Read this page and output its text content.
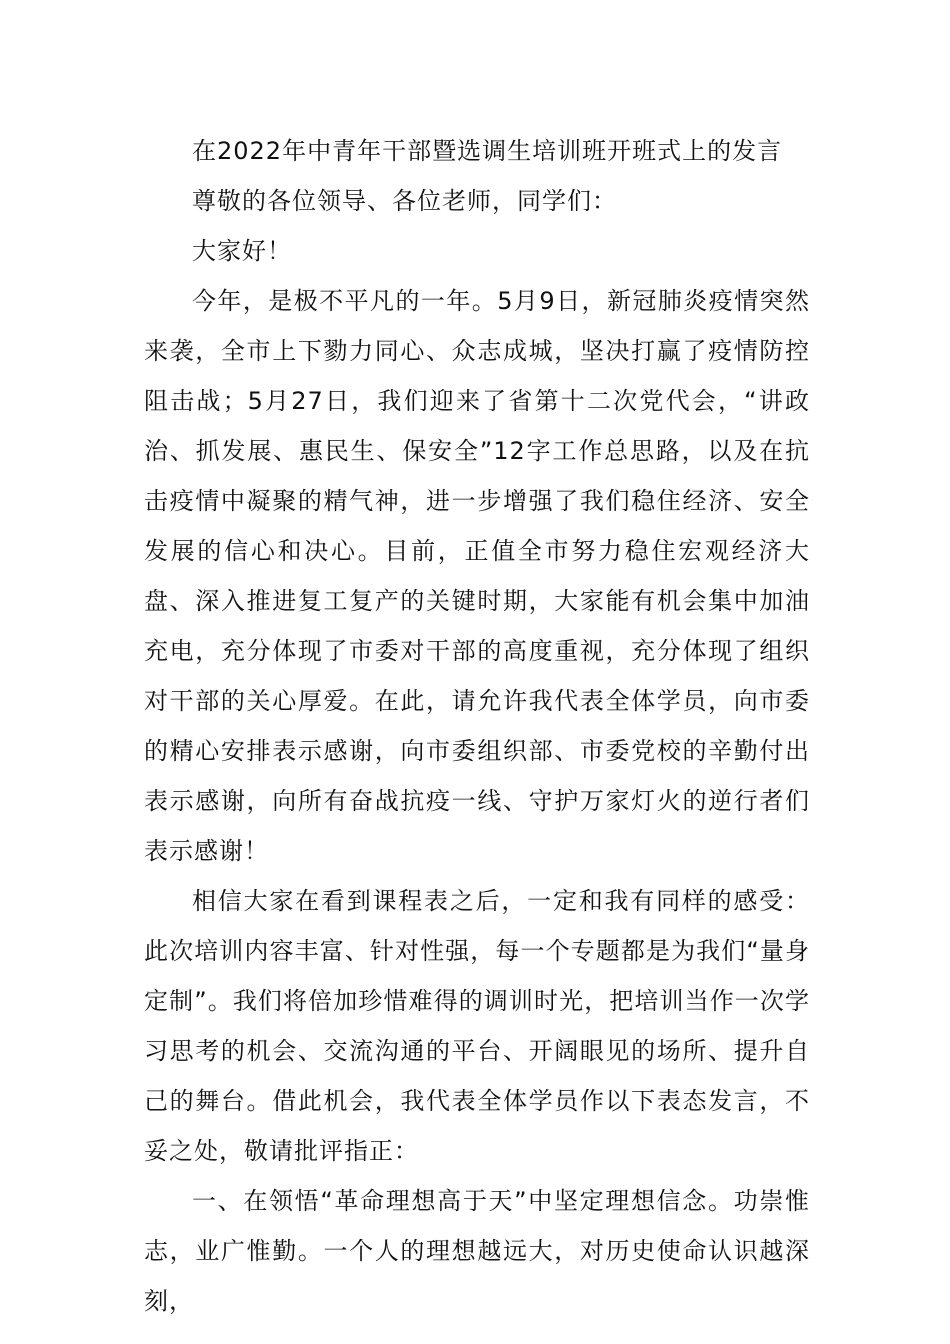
在2022年中青年干部暨选调生培训班开班式上的发言

尊敬的各位领导、各位老师，同学们：

大家好！

今年，是极不平凡的一年。5月9日，新冠肺炎疫情突然来袭，全市上下勠力同心、众志成城，坚决打赢了疫情防控阻击战；5月27日，我们迎来了省第十二次党代会，“讲政治、抓发展、惠民生、保安全”12字工作总思路，以及在抗击疫情中凝聚的精气神，进一步增强了我们稳住经济、安全发展的信心和决心。目前，正值全市努力稳住宏观经济大盘、深入推进复工复产的关键时期，大家能有机会集中加油充电，充分体现了市委对干部的高度重视，充分体现了组织对干部的关心厚爱。在此，请允许我代表全体学员，向市委的精心安排表示感谢，向市委组织部、市委党校的辛勤付出表示感谢，向所有奋战抗疫一线、守护万家灯火的逆行者们表示感谢！

相信大家在看到课程表之后，一定和我有同样的感受：此次培训内容丰富、针对性强，每一个专题都是为我们“量身定制”。我们将倍加珍惜难得的调训时光，把培训当作一次学习思考的机会、交流沟通的平台、开阔眼见的场所、提升自己的舞台。借此机会，我代表全体学员作以下表态发言，不妥之处，敬请批评指正：

一、在领悟“革命理想高于天”中坚定理想信念。功崇惟志，业广惟勤。一个人的理想越远大，对历史使命认识越深刻，
